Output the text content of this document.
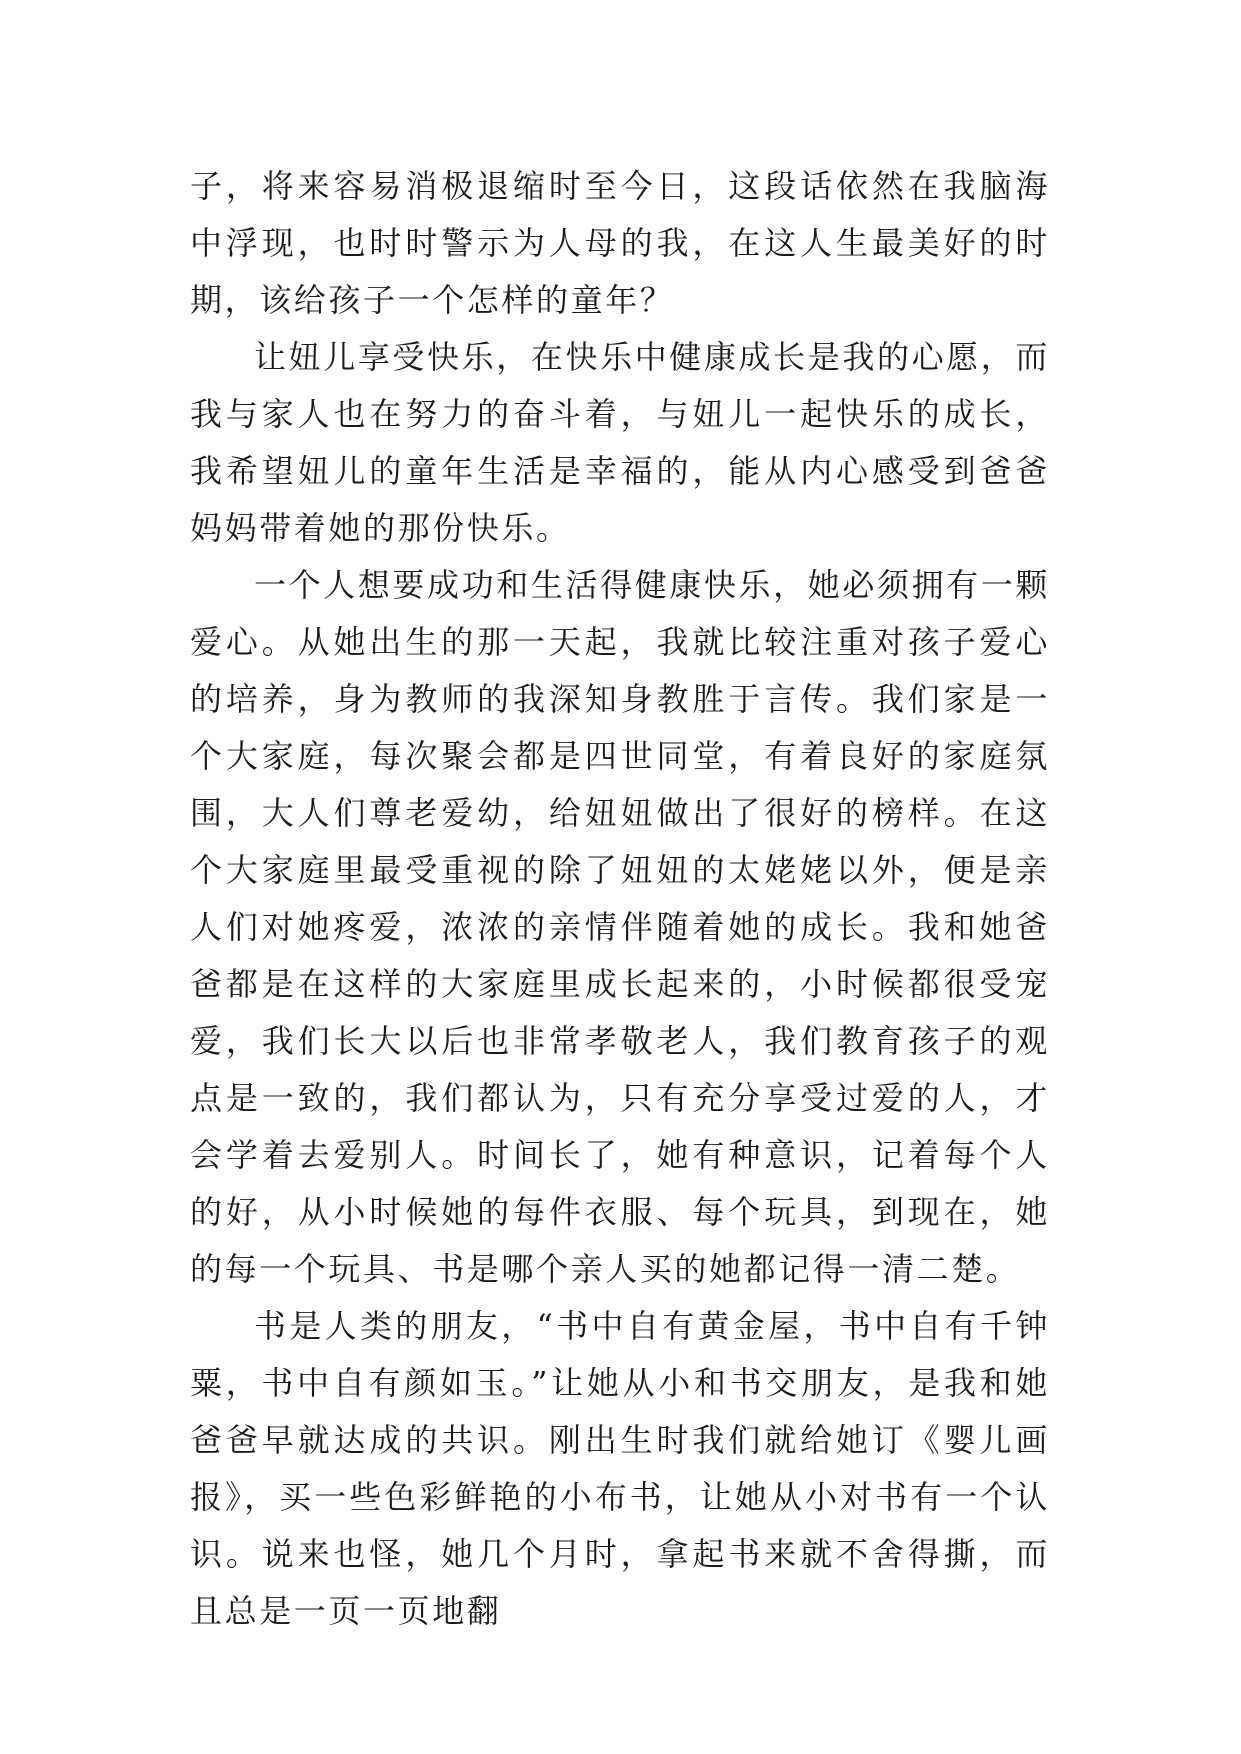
子，将来容易消极退缩时至今日，这段话依然在我脑海中浮现，也时时警示为人母的我，在这人生最美好的时期，该给孩子一个怎样的童年？

让妞儿享受快乐，在快乐中健康成长是我的心愿，而我与家人也在努力的奋斗着，与妞儿一起快乐的成长，我希望妞儿的童年生活是幸福的，能从内心感受到爸爸妈妈带着她的那份快乐。

一个人想要成功和生活得健康快乐，她必须拥有一颗爱心。从她出生的那一天起，我就比较注重对孩子爱心的培养，身为教师的我深知身教胜于言传。我们家是一个大家庭，每次聚会都是四世同堂，有着良好的家庭氛围，大人们尊老爱幼，给妞妞做出了很好的榜样。在这个大家庭里最受重视的除了妞妞的太姥姥以外，便是亲人们对她疼爱，浓浓的亲情伴随着她的成长。我和她爸爸都是在这样的大家庭里成长起来的，小时候都很受宠爱，我们长大以后也非常孝敬老人，我们教育孩子的观点是一致的，我们都认为，只有充分享受过爱的人，才会学着去爱别人。时间长了，她有种意识，记着每个人的好，从小时候她的每件衣服、每个玩具，到现在，她的每一个玩具、书是哪个亲人买的她都记得一清二楚。

书是人类的朋友，“书中自有黄金屋，书中自有千钟粟，书中自有颜如玉。”让她从小和书交朋友，是我和她爸爸早就达成的共识。刚出生时我们就给她订《婴儿画报》，买一些色彩鲜艳的小布书，让她从小对书有一个认识。说来也怪，她几个月时，拿起书来就不舍得撕，而且总是一页一页地翻
